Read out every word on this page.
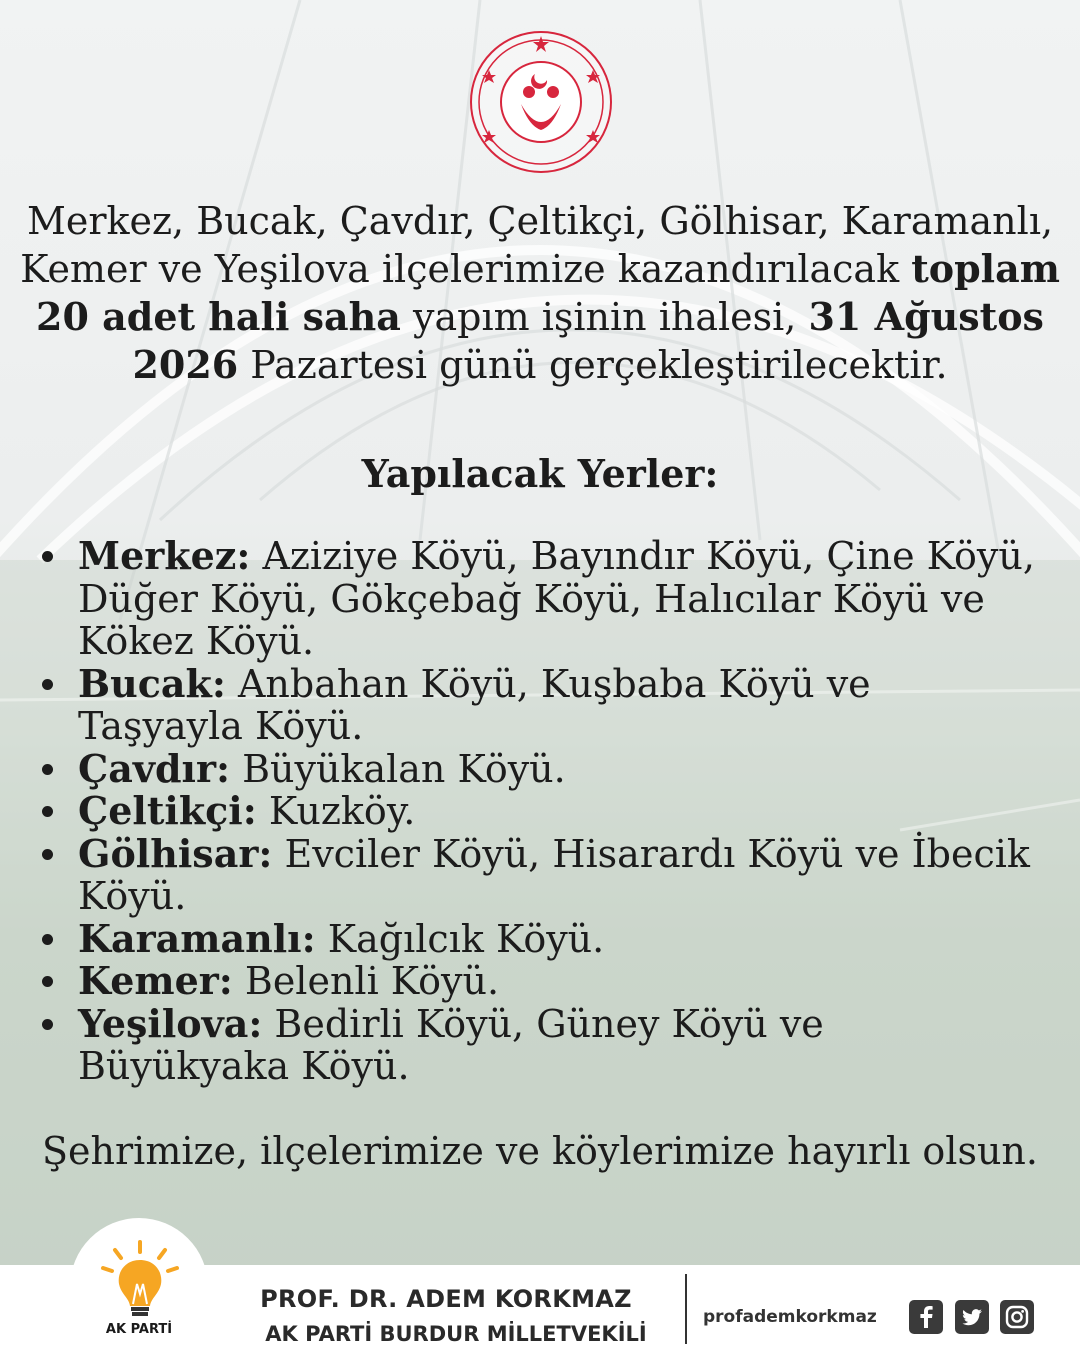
Merkez, Bucak, Çavdır, Çeltikçi, Gölhisar, Karamanlı, Kemer ve Yeşilova ilçelerimize kazandırılacak toplam 20 adet hali saha yapım işinin ihalesi, 31 Ağustos 2026 Pazartesi günü gerçekleştirilecektir.
Yapılacak Yerler:
Merkez: Aziziye Köyü, Bayındır Köyü, Çine Köyü, Düğer Köyü, Gökçebağ Köyü, Halıcılar Köyü ve Kökez Köyü.
Bucak: Anbahan Köyü, Kuşbaba Köyü ve Taşyayla Köyü.
Çavdır: Büyükalan Köyü.
Çeltikçi: Kuzköy.
Gölhisar: Evciler Köyü, Hisarardı Köyü ve İbecik Köyü.
Karamanlı: Kağılcık Köyü.
Kemer: Belenli Köyü.
Yeşilova: Bedirli Köyü, Güney Köyü ve Büyükyaka Köyü.
Şehrimize, ilçelerimize ve köylerimize hayırlı olsun.
AK PARTİ
PROF. DR. ADEM KORKMAZ
AK PARTİ BURDUR MİLLETVEKİLİ
profademkorkmaz
